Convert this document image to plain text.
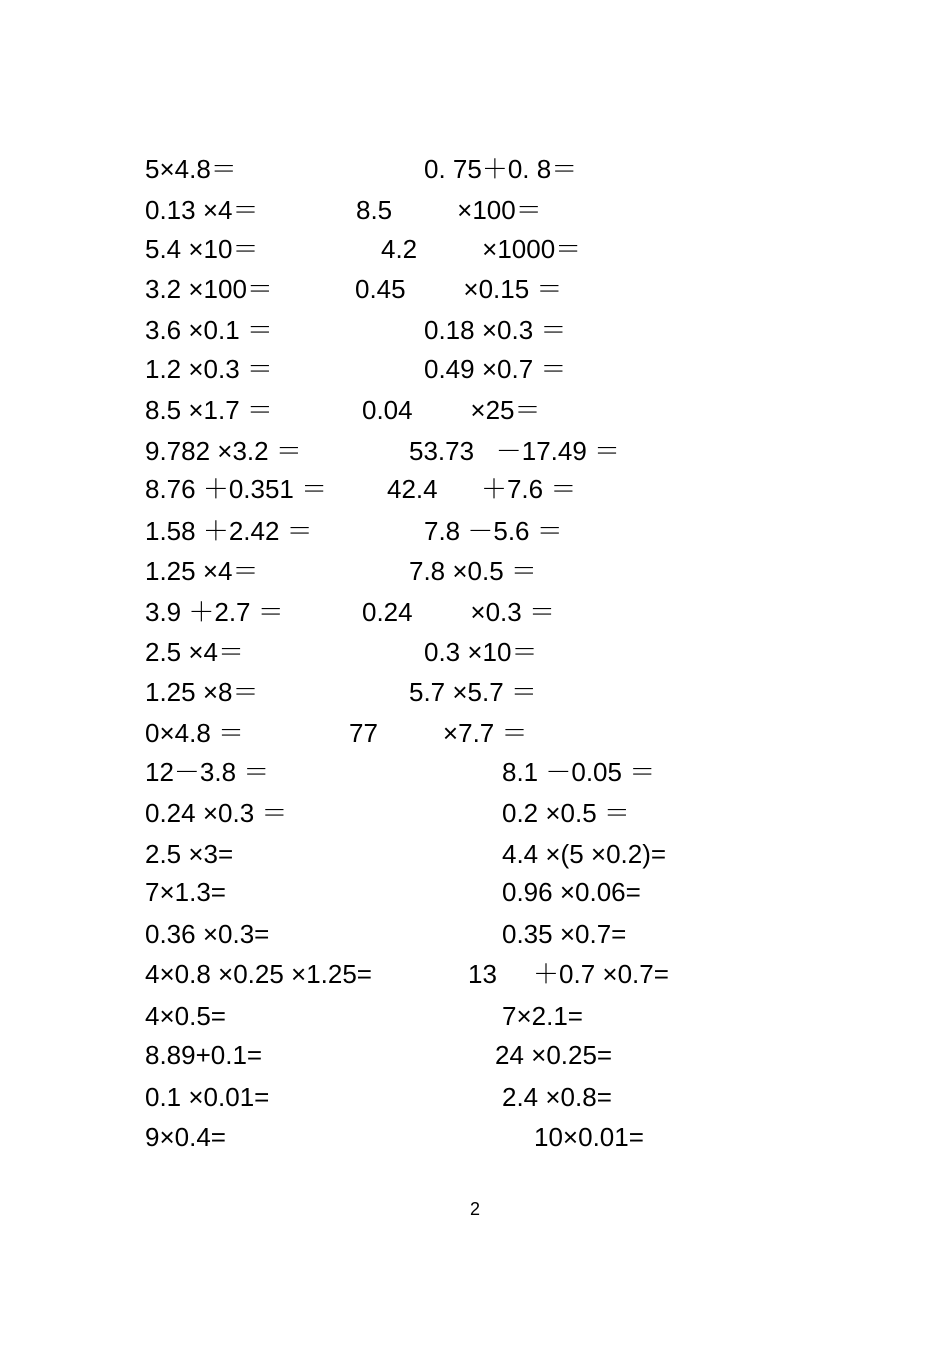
5×4.8＝	0. 75＋0. 8＝
0.13 ×4＝	8.5         ×100＝
5.4 ×10＝	4.2         ×1000＝
3.2 ×100＝	0.45        ×0.15 ＝
3.6 ×0.1 ＝	0.18 ×0.3 ＝
1.2 ×0.3 ＝	0.49 ×0.7 ＝
8.5 ×1.7 ＝	0.04        ×25＝
9.782 ×3.2 ＝	53.73   －17.49 ＝
8.76 ＋0.351 ＝ 42.4      ＋7.6 ＝
1.58 ＋2.42 ＝	7.8 －5.6 ＝
1.25 ×4＝	7.8 ×0.5 ＝
3.9 ＋2.7 ＝	0.24        ×0.3 ＝
2.5 ×4＝	0.3 ×10＝
1.25 ×8＝	5.7 ×5.7 ＝
0×4.8 ＝	77         ×7.7 ＝
12－3.8 ＝	8.1 －0.05 ＝
0.24 ×0.3 ＝	0.2 ×0.5 ＝
2.5 ×3=	4.4 ×(5 ×0.2)=
7×1.3=	0.96 ×0.06=
0.36 ×0.3=	0.35 ×0.7=
4×0.8 ×0.25 ×1.25=	13     ＋0.7 ×0.7=
4×0.5=	7×2.1=
8.89+0.1=	24 ×0.25=
0.1 ×0.01=	2.4 ×0.8=
9×0.4=	10×0.01=
2
